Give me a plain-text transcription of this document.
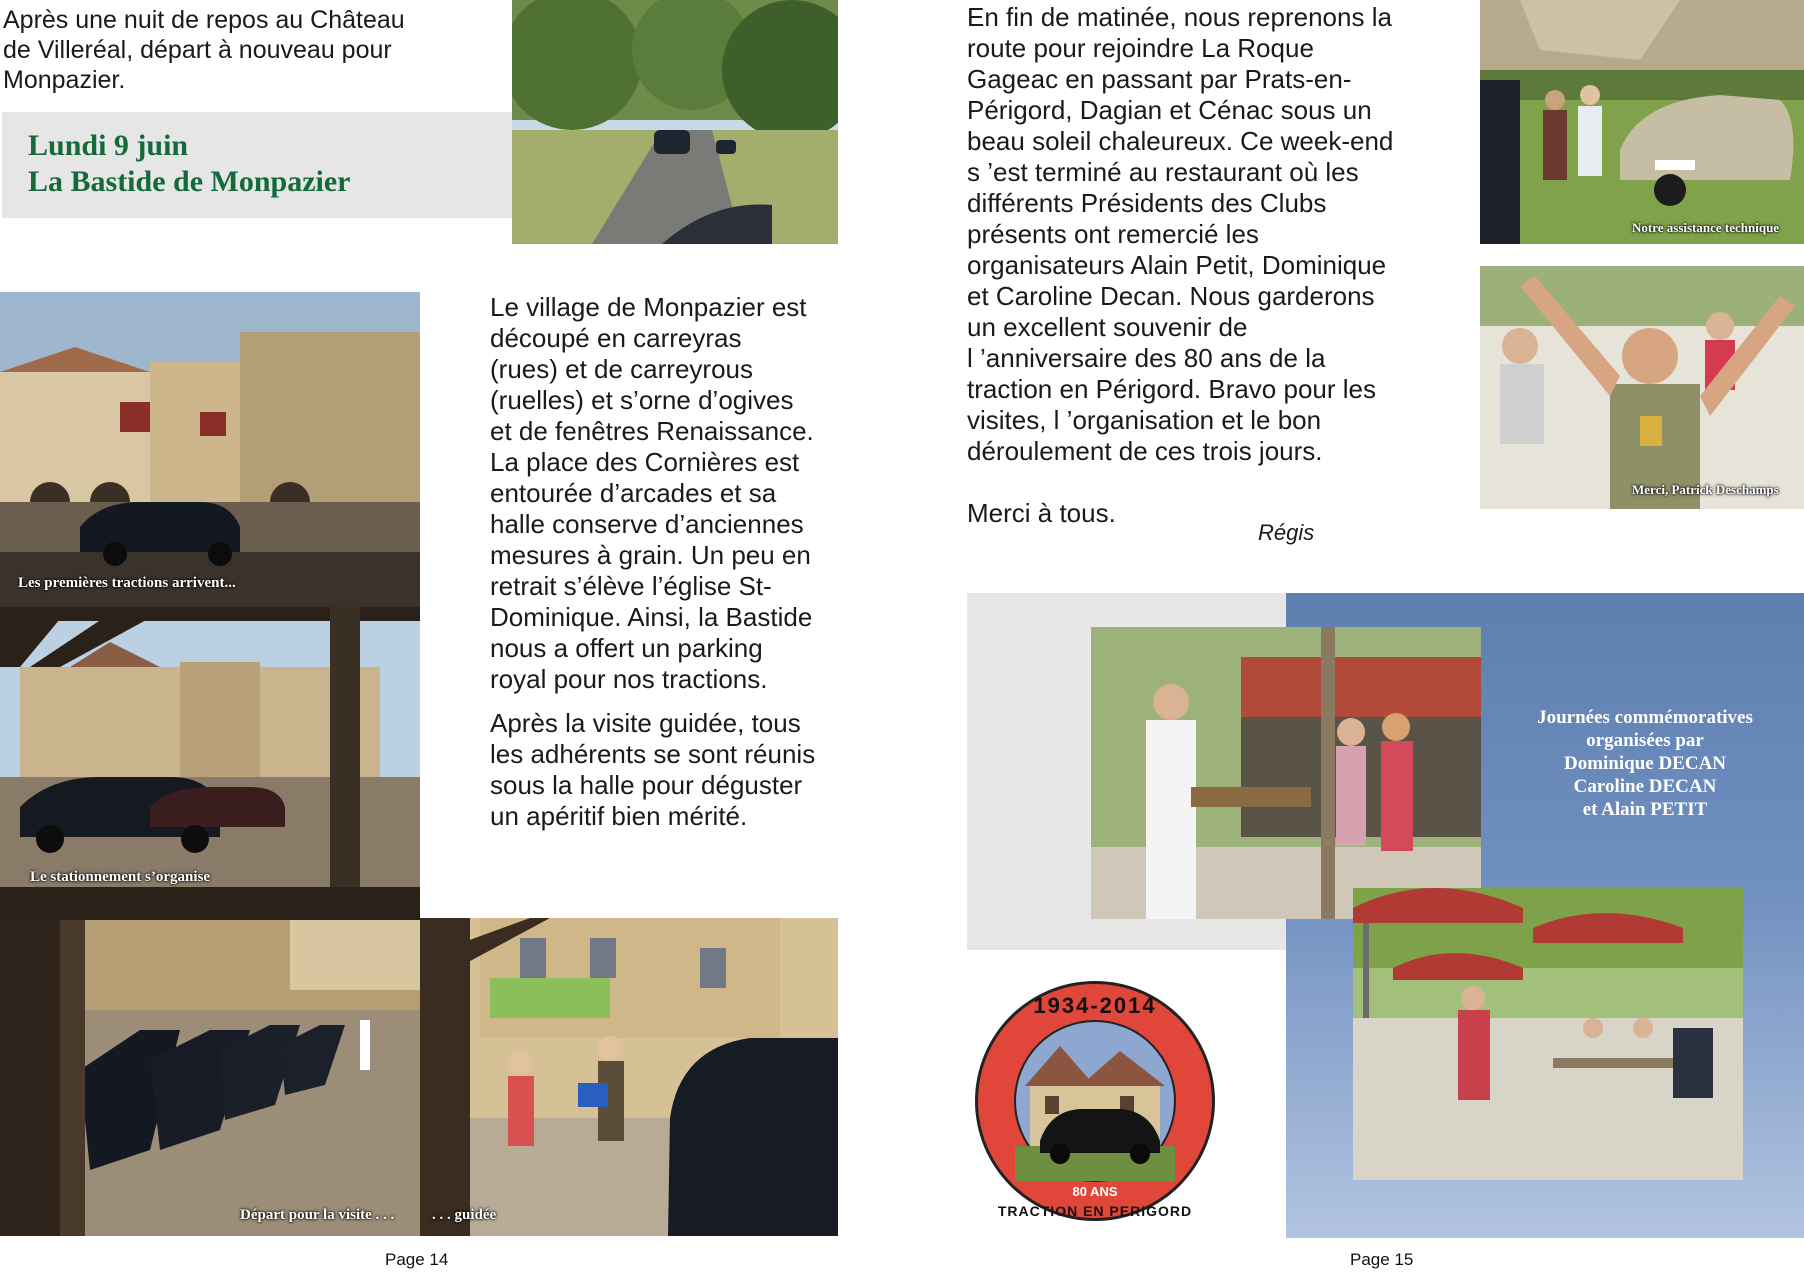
Après une nuit de repos au Château
de Villeréal, départ à nouveau pour
Monpazier.
Lundi 9 juin
La Bastide de Monpazier
Les premières tractions arrivent...
Le stationnement s’organise
Départ pour la visite . . .	. . . guidée
Le village de Monpazier est
découpé en carreyras
(rues) et de carreyrous
(ruelles) et s’orne d’ogives
et de fenêtres Renaissance.
La place des Cornières est
entourée d’arcades et sa
halle conserve d’anciennes
mesures à grain. Un peu en
retrait s’élève l’église St-
Dominique. Ainsi, la Bastide
nous a offert un parking
royal pour nos tractions.
Après la visite guidée, tous
les adhérents se sont réunis
sous la halle pour déguster
un apéritif bien mérité.
Page 14
En fin de matinée, nous reprenons la
route pour rejoindre La Roque
Gageac en passant par Prats-en-
Périgord, Dagian et Cénac sous un
beau soleil chaleureux. Ce week-end
s ’est terminé au restaurant où les
différents Présidents des Clubs
présents ont remercié les
organisateurs Alain Petit, Dominique
et Caroline Decan. Nous garderons
un excellent souvenir de
l ’anniversaire des 80 ans de la
traction en Périgord. Bravo pour les
visites, l ’organisation et le bon
déroulement de ces trois jours.
Merci à tous.
Régis
Notre assistance technique
Merci, Patrick Deschamps
Journées commémoratives
organisées par
Dominique DECAN
Caroline DECAN
et Alain PETIT
1934-2014
80 ANS
TRACTION EN PERIGORD
Page 15
